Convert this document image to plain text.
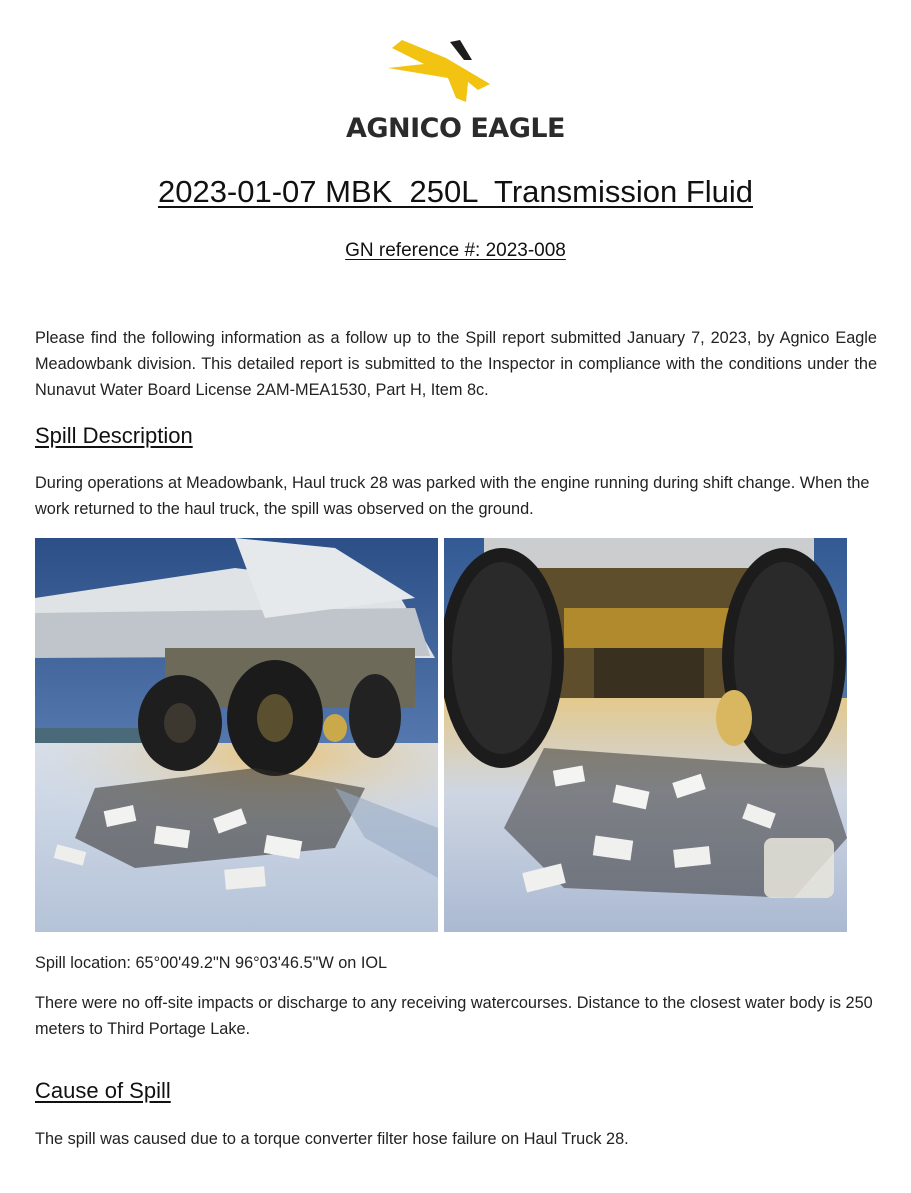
AGNICO EAGLE
2023-01-07 MBK  250L  Transmission Fluid
GN reference #: 2023-008
Please find the following information as a follow up to the Spill report submitted January 7, 2023, by Agnico Eagle Meadowbank division. This detailed report is submitted to the Inspector in compliance with the conditions under the Nunavut Water Board License 2AM-MEA1530, Part H, Item 8c.
Spill Description
During operations at Meadowbank, Haul truck 28 was parked with the engine running during shift change. When the work returned to the haul truck, the spill was observed on the ground.
Spill location: 65°00'49.2"N 96°03'46.5"W on IOL
There were no off-site impacts or discharge to any receiving watercourses. Distance to the closest water body is 250 meters to Third Portage Lake.
Cause of Spill
The spill was caused due to a torque converter filter hose failure on Haul Truck 28.
